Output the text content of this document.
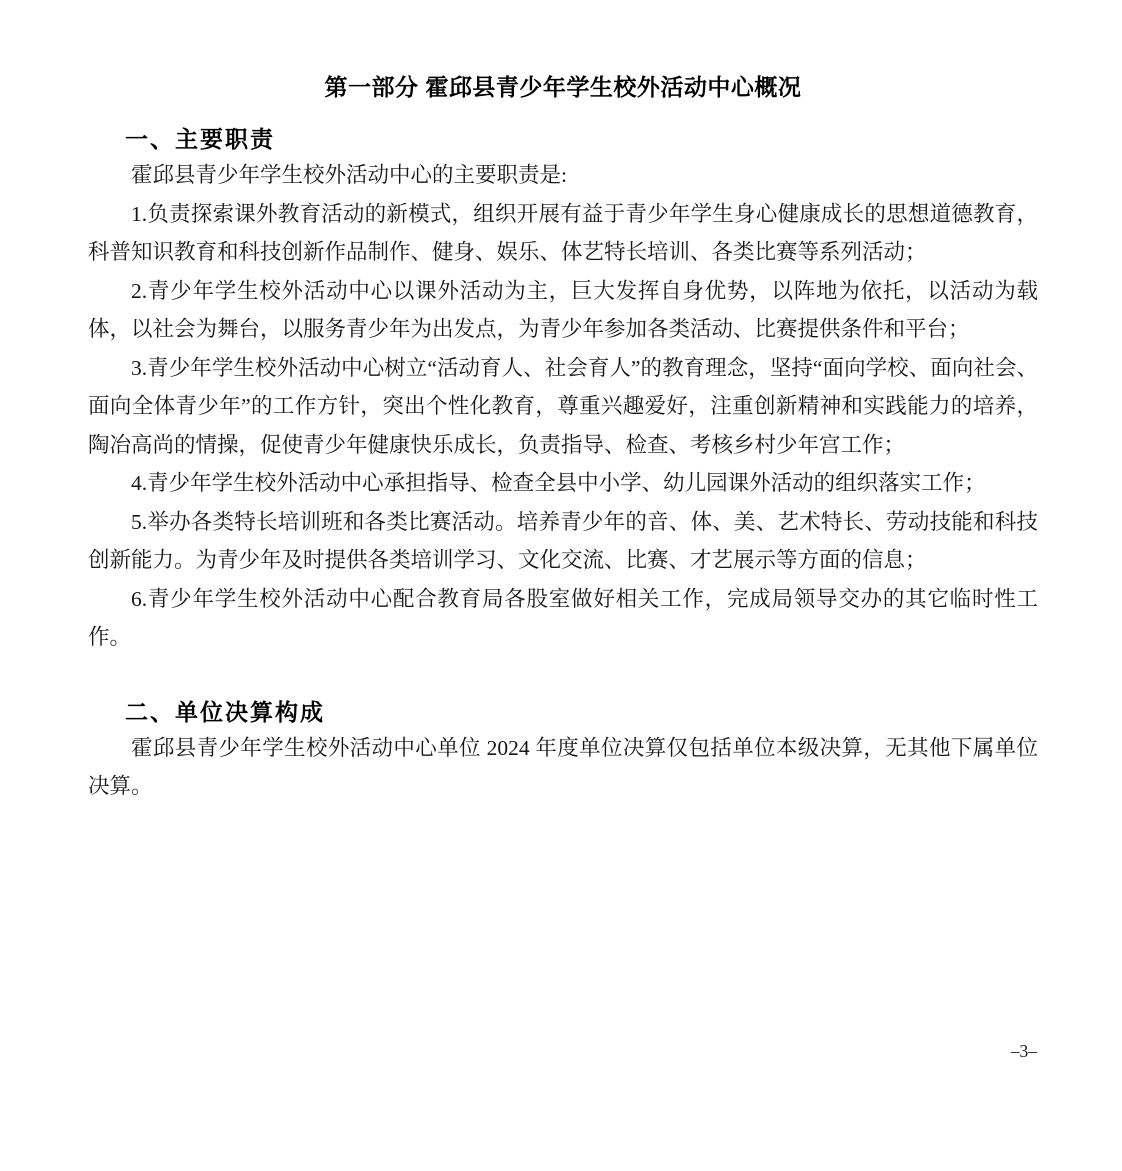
第一部分 霍邱县青少年学生校外活动中心概况
一、主要职责

霍邱县青少年学生校外活动中心的主要职责是:

1.负责探索课外教育活动的新模式，组织开展有益于青少年学生身心健康成长的思想道德教育，科普知识教育和科技创新作品制作、健身、娱乐、体艺特长培训、各类比赛等系列活动；

2.青少年学生校外活动中心以课外活动为主，巨大发挥自身优势，以阵地为依托，以活动为载体，以社会为舞台，以服务青少年为出发点，为青少年参加各类活动、比赛提供条件和平台；

3.青少年学生校外活动中心树立“活动育人、社会育人”的教育理念，坚持“面向学校、面向社会、面向全体青少年”的工作方针，突出个性化教育，尊重兴趣爱好，注重创新精神和实践能力的培养，陶冶高尚的情操，促使青少年健康快乐成长，负责指导、检查、考核乡村少年宫工作；

4.青少年学生校外活动中心承担指导、检查全县中小学、幼儿园课外活动的组织落实工作；

5.举办各类特长培训班和各类比赛活动。培养青少年的音、体、美、艺术特长、劳动技能和科技创新能力。为青少年及时提供各类培训学习、文化交流、比赛、才艺展示等方面的信息；

6.青少年学生校外活动中心配合教育局各股室做好相关工作，完成局领导交办的其它临时性工作。

二、单位决算构成

霍邱县青少年学生校外活动中心单位 2024 年度单位决算仅包括单位本级决算，无其他下属单位决算。

–3–
